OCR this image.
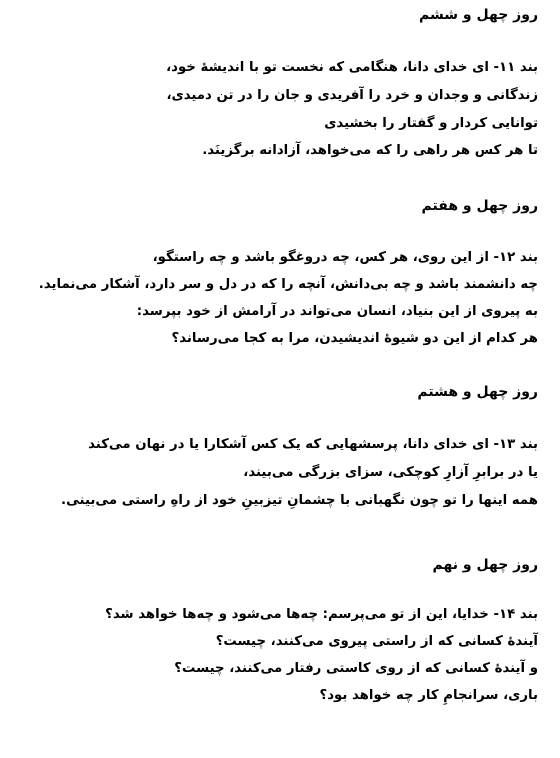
روز چهل و ششم
بند ۱۱- ای خدای دانا، هنگامی که نخست تو با اندیشهٔ خود،
زندگانی و وجدان و خرد را آفریدی و جان را در تن دمیدی،
توانایی کردار و گفتار را بخشیدی
تا هر کس هر راهی را که می‌خواهد، آزادانه برگزینَد.
روز چهل و هفتم
بند ۱۲- از این روی، هر کس، چه دروغگو باشد و چه راستگو،
چه دانشمند باشد و چه بی‌دانش، آنچه را که در دل و سر دارد، آشکار می‌نماید.
به پیروی از این بنیاد، انسان می‌تواند در آرامش از خود بپرسد:
هر کدام از این دو شیوهٔ اندیشیدن، مرا به کجا می‌رساند؟
روز چهل و هشتم
بند ۱۳- ای خدای دانا، پرسشهایی که یک کس آشکارا یا در نهان می‌کند
یا در برابرِ آزارِ کوچکی، سزای بزرگی می‌بیند،
همه اینها را تو چون نگهبانی با چشمانِ تیزبینِ خود از راهِ راستی می‌بینی.
روز چهل و نهم
بند ۱۴- خدایا، این از تو می‌پرسم: چه‌ها می‌شود و چه‌ها خواهد شد؟
آیندهٔ کسانی که از راستی پیروی می‌کنند، چیست؟
و آیندهٔ کسانی که از روی کاستی رفتار می‌کنند، چیست؟
باری، سرانجامِ کار چه خواهد بود؟
